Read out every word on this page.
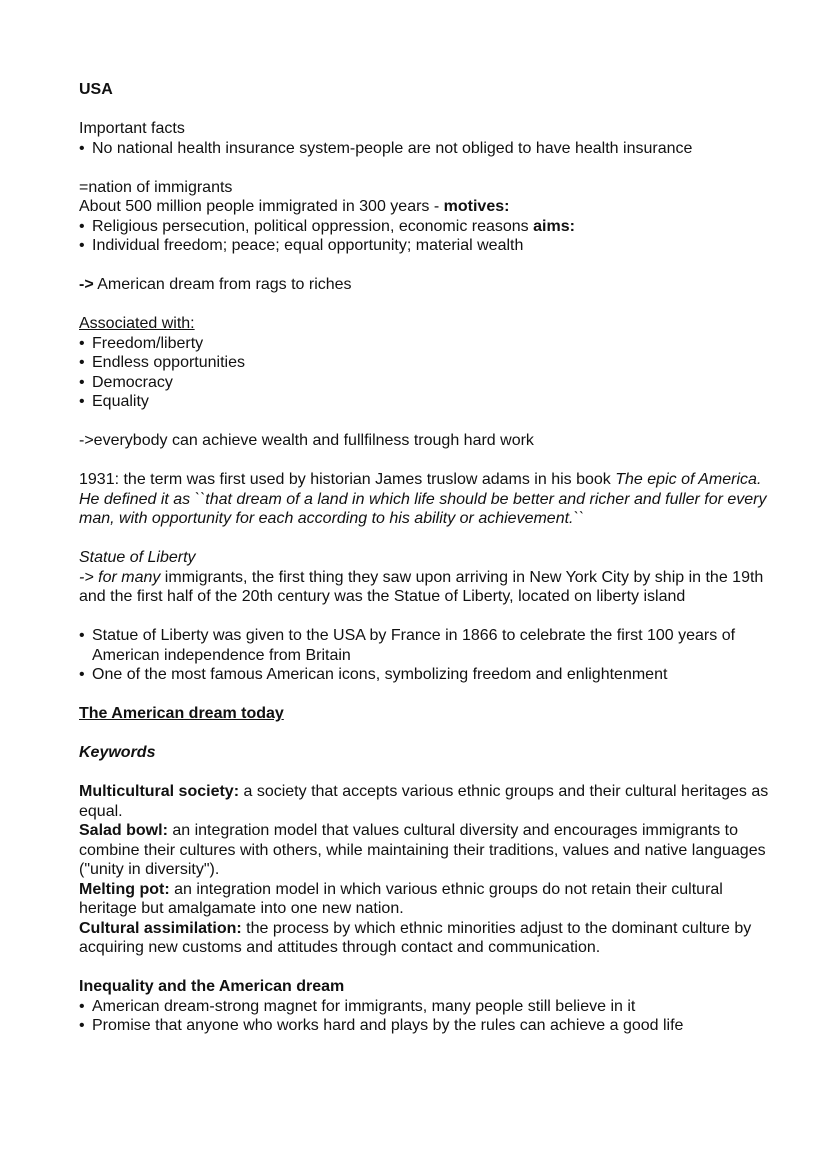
USA

Important facts

• No national health insurance system-people are not obliged to have health insurance

=nation of immigrants

About 500 million people immigrated in 300 years - motives:

• Religious persecution, political oppression, economic reasons aims:
• Individual freedom; peace; equal opportunity; material wealth

-> American dream from rags to riches

Associated with:

• Freedom/liberty
• Endless opportunities
• Democracy
• Equality

->everybody can achieve wealth and fullfilness trough hard work

1931: the term was first used by historian James truslow adams in his book The epic of America. He defined it as ``that dream of a land in which life should be better and richer and fuller for every man, with opportunity for each according to his ability or achievement.``

Statue of Liberty

-> for many immigrants, the first thing they saw upon arriving in New York City by ship in the 19th and the first half of the 20th century was the Statue of Liberty, located on liberty island

• Statue of Liberty was given to the USA by France in 1866 to celebrate the first 100 years of American independence from Britain
• One of the most famous American icons, symbolizing freedom and enlightenment

The American dream today

Keywords

Multicultural society: a society that accepts various ethnic groups and their cultural heritages as equal.

Salad bowl: an integration model that values cultural diversity and encourages immigrants to combine their cultures with others, while maintaining their traditions, values and native languages ("unity in diversity").

Melting pot: an integration model in which various ethnic groups do not retain their cultural heritage but amalgamate into one new nation.

Cultural assimilation: the process by which ethnic minorities adjust to the dominant culture by acquiring new customs and attitudes through contact and communication.

Inequality and the American dream

• American dream-strong magnet for immigrants, many people still believe in it
• Promise that anyone who works hard and plays by the rules can achieve a good life
